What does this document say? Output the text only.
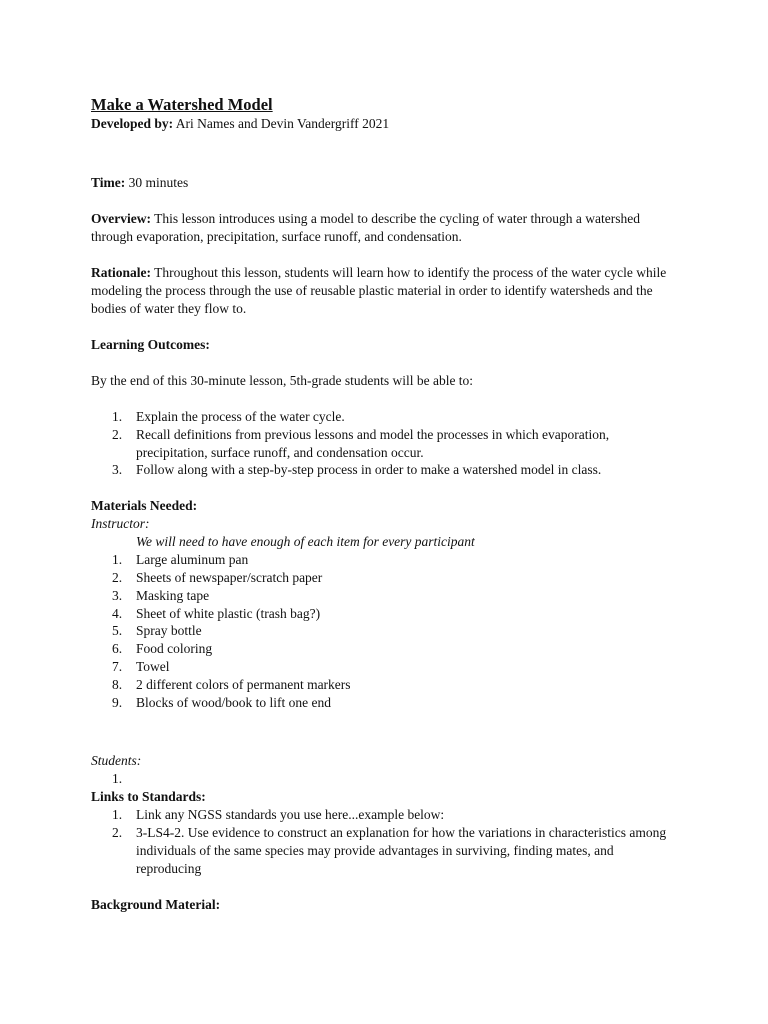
Make a Watershed Model

Developed by: Ari Names and Devin Vandergriff 2021

Time: 30 minutes

Overview: This lesson introduces using a model to describe the cycling of water through a watershed through evaporation, precipitation, surface runoff, and condensation.

Rationale: Throughout this lesson, students will learn how to identify the process of the water cycle while modeling the process through the use of reusable plastic material in order to identify watersheds and the bodies of water they flow to.

Learning Outcomes:

By the end of this 30-minute lesson, 5th-grade students will be able to:

1. Explain the process of the water cycle.
2. Recall definitions from previous lessons and model the processes in which evaporation, precipitation, surface runoff, and condensation occur.
3. Follow along with a step-by-step process in order to make a watershed model in class.

Materials Needed:

Instructor:

We will need to have enough of each item for every participant

1. Large aluminum pan
2. Sheets of newspaper/scratch paper
3. Masking tape
4. Sheet of white plastic (trash bag?)
5. Spray bottle
6. Food coloring
7. Towel
8. 2 different colors of permanent markers
9. Blocks of wood/book to lift one end

Students:

1.

Links to Standards:

1. Link any NGSS standards you use here...example below:
2. 3-LS4-2. Use evidence to construct an explanation for how the variations in characteristics among individuals of the same species may provide advantages in surviving, finding mates, and reproducing

Background Material:
